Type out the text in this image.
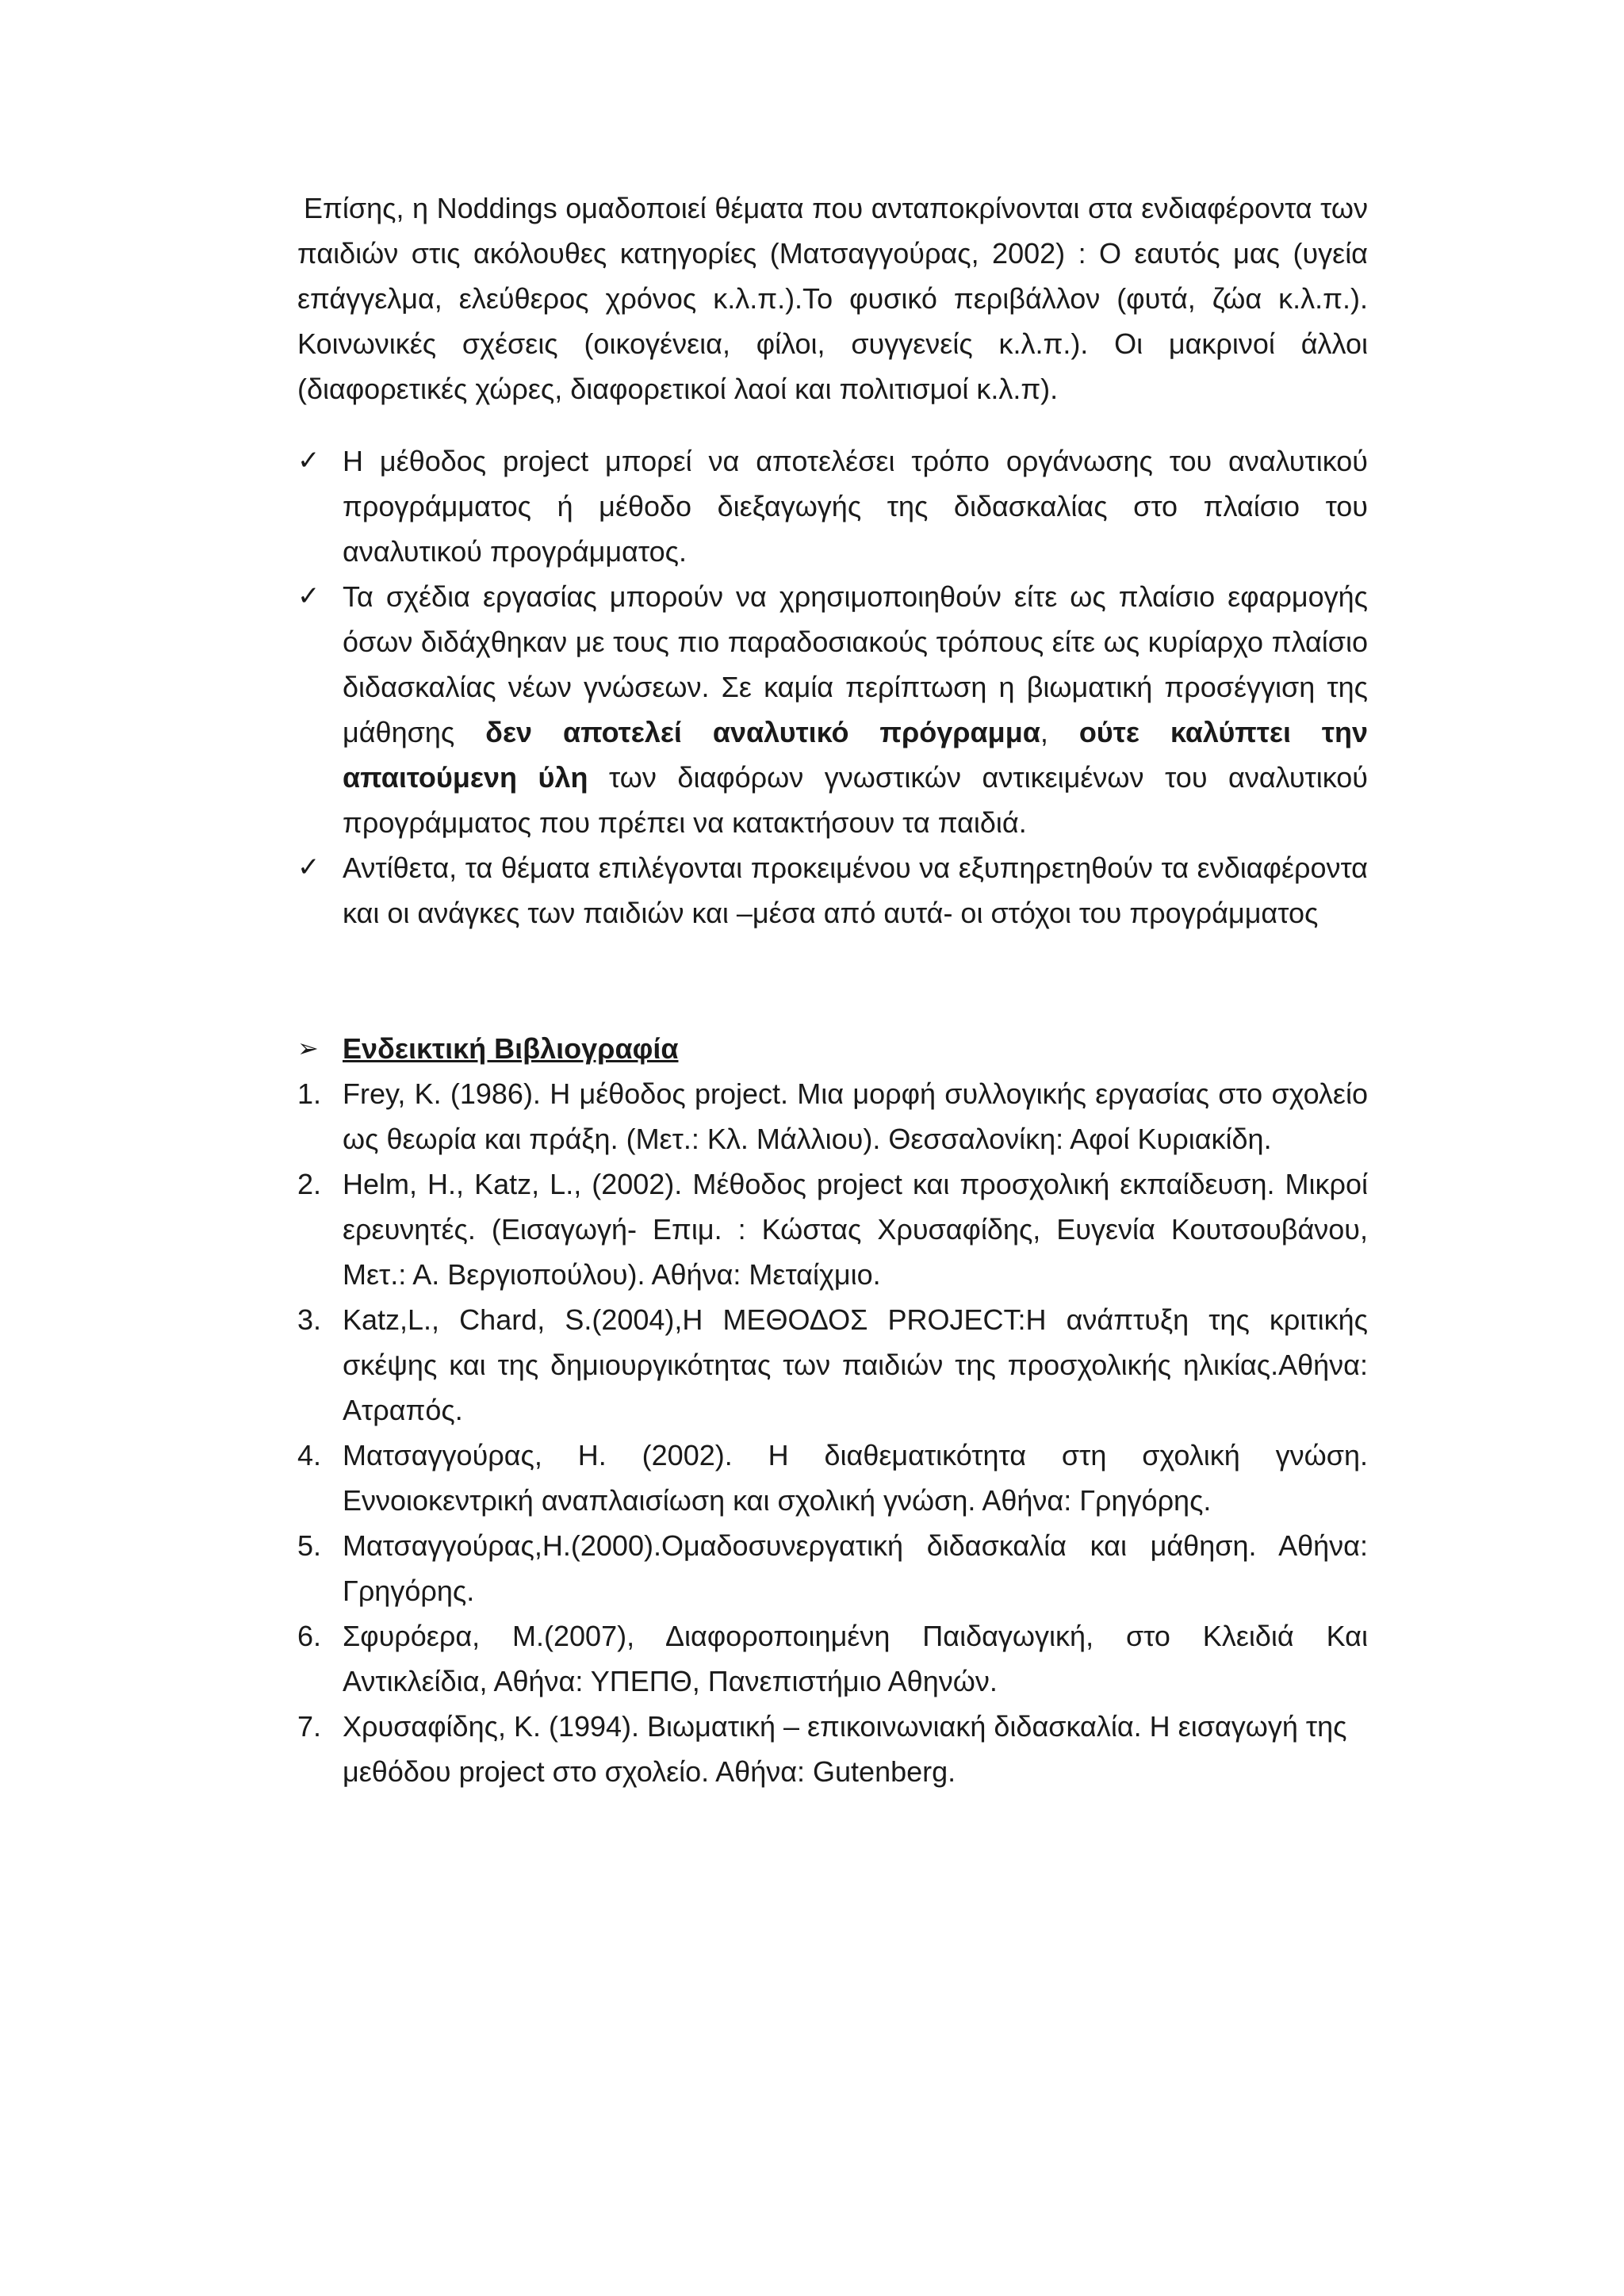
Επίσης, η Noddings ομαδοποιεί θέματα που ανταποκρίνονται στα ενδιαφέροντα των παιδιών στις ακόλουθες κατηγορίες (Ματσαγγούρας, 2002) : Ο εαυτός μας (υγεία επάγγελμα, ελεύθερος χρόνος κ.λ.π.).Το φυσικό περιβάλλον (φυτά, ζώα κ.λ.π.). Κοινωνικές σχέσεις (οικογένεια, φίλοι, συγγενείς κ.λ.π.). Οι μακρινοί άλλοι (διαφορετικές χώρες, διαφορετικοί λαοί και πολιτισμοί κ.λ.π).

✓ Η μέθοδος project μπορεί να αποτελέσει τρόπο οργάνωσης του αναλυτικού προγράμματος ή μέθοδο διεξαγωγής της διδασκαλίας στο πλαίσιο του αναλυτικού προγράμματος.
✓ Τα σχέδια εργασίας μπορούν να χρησιμοποιηθούν είτε ως πλαίσιο εφαρμογής όσων διδάχθηκαν με τους πιο παραδοσιακούς τρόπους είτε ως κυρίαρχο πλαίσιο διδασκαλίας νέων γνώσεων. Σε καμία περίπτωση η βιωματική προσέγγιση της μάθησης δεν αποτελεί αναλυτικό πρόγραμμα, ούτε καλύπτει την απαιτούμενη ύλη των διαφόρων γνωστικών αντικειμένων του αναλυτικού προγράμματος που πρέπει να κατακτήσουν τα παιδιά.
✓ Αντίθετα, τα θέματα επιλέγονται προκειμένου να εξυπηρετηθούν τα ενδιαφέροντα και οι ανάγκες των παιδιών και –μέσα από αυτά- οι στόχοι του προγράμματος
➢ Ενδεικτική Βιβλιογραφία
1. Frey, K. (1986). Η μέθοδος project. Μια μορφή συλλογικής εργασίας στο σχολείο ως θεωρία και πράξη. (Μετ.: Κλ. Μάλλιου). Θεσσαλονίκη: Αφοί Κυριακίδη.
2. Helm, H., Katz, L., (2002). Μέθοδος project και προσχολική εκπαίδευση. Μικροί ερευνητές. (Εισαγωγή- Επιμ. : Κώστας Χρυσαφίδης, Ευγενία Κουτσουβάνου, Μετ.: Α. Βεργιοπούλου). Αθήνα: Μεταίχμιο.
3. Katz,L., Chard, S.(2004),Η ΜΕΘΟΔΟΣ PROJECT:Η ανάπτυξη της κριτικής σκέψης και της δημιουργικότητας των παιδιών της προσχολικής ηλικίας.Αθήνα: Ατραπός.
4. Ματσαγγούρας, Η. (2002). Η διαθεματικότητα στη σχολική γνώση. Εννοιοκεντρική αναπλαισίωση και σχολική γνώση. Αθήνα: Γρηγόρης.
5. Ματσαγγούρας,Η.(2000).Ομαδοσυνεργατική διδασκαλία και μάθηση. Αθήνα: Γρηγόρης.
6. Σφυρόερα, Μ.(2007), Διαφοροποιημένη Παιδαγωγική, στο Κλειδιά Και Αντικλείδια, Αθήνα: ΥΠΕΠΘ, Πανεπιστήμιο Αθηνών.
7. Χρυσαφίδης, Κ. (1994). Βιωματική – επικοινωνιακή διδασκαλία. Η εισαγωγή της μεθόδου project στο σχολείο. Αθήνα: Gutenberg.
